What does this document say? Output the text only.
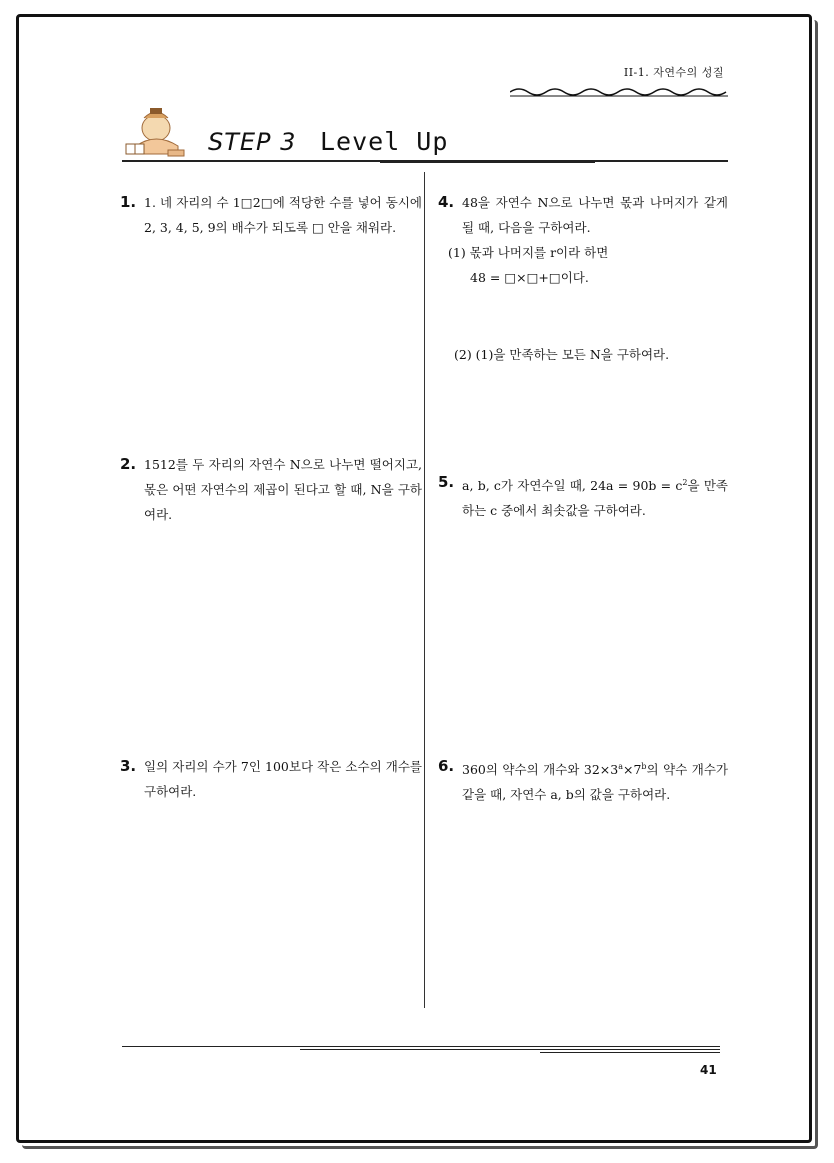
II-1. 자연수의 성질
STEP 3 Level Up
1. 1. 네 자리의 수 1□2□에 적당한 수를 넣어 동시에 2, 3, 4, 5, 9의 배수가 되도록 □ 안을 채워라.
2. 1512를 두 자리의 자연수 N으로 나누면 떨어지고, 몫은 어떤 자연수의 제곱이 된다고 할 때, N을 구하여라.
3. 일의 자리의 수가 7인 100보다 작은 소수의 개수를 구하여라.
4. 48을 자연수 N으로 나누면 몫과 나머지가 같게 될 때, 다음을 구하여라.
(1) 몫과 나머지를 r이라 하면
48 = □×□+□이다.
(2) (1)을 만족하는 모든 N을 구하여라.
5. a, b, c가 자연수일 때, $24a = 90b = c^2$을 만족하는 c 중에서 최솟값을 구하여라.
6. 360의 약수의 개수와 $32\times 3^a\times 7^b$의 약수 개수가 같을 때, 자연수 a, b의 값을 구하여라.
41
